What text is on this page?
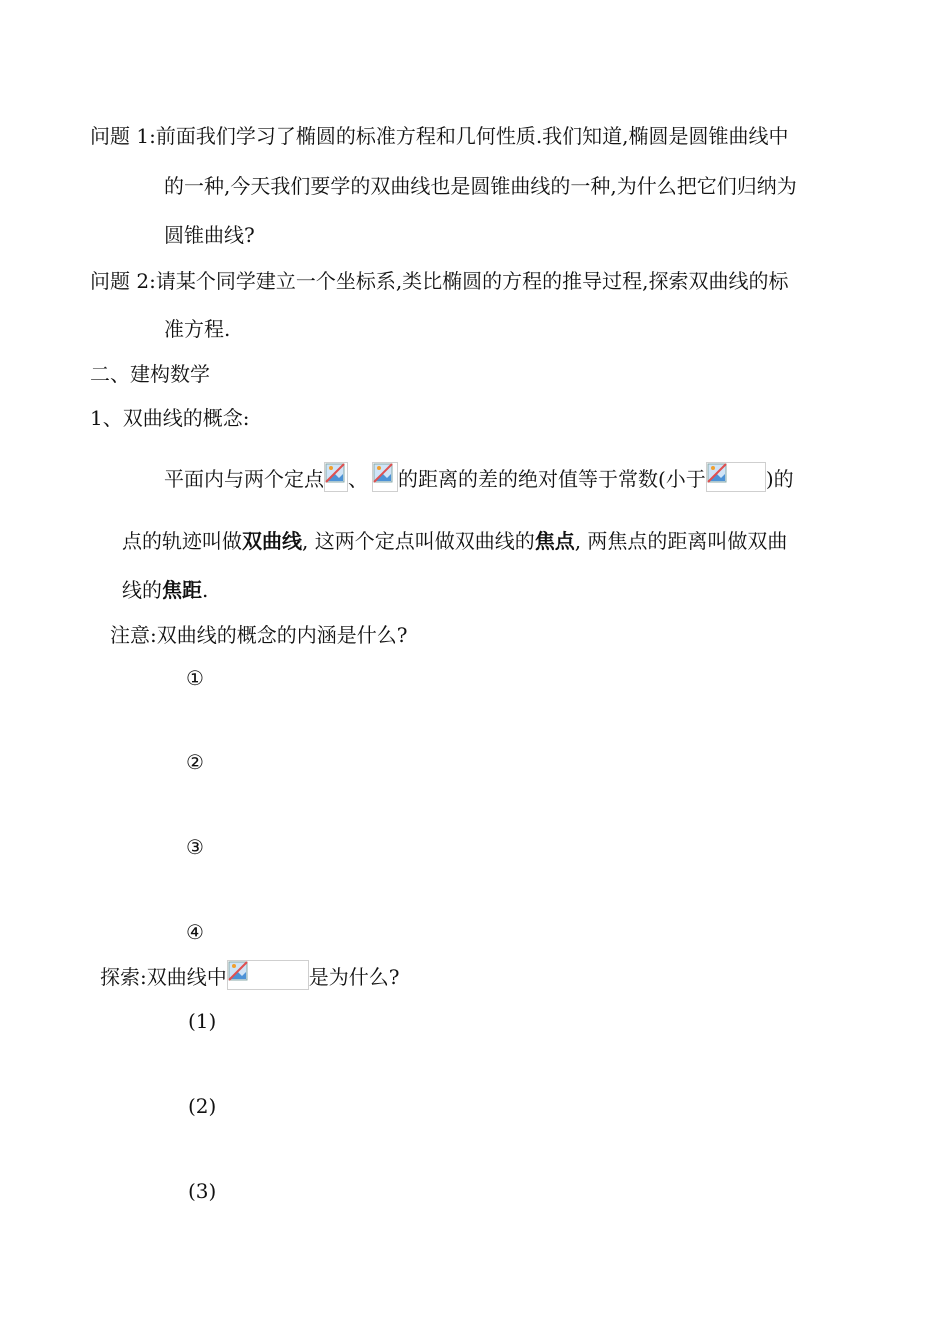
问题 1:前面我们学习了椭圆的标准方程和几何性质.我们知道,椭圆是圆锥曲线中
的一种,今天我们要学的双曲线也是圆锥曲线的一种,为什么把它们归纳为
圆锥曲线?
问题 2:请某个同学建立一个坐标系,类比椭圆的方程的推导过程,探索双曲线的标
准方程.
二、建构数学
1、双曲线的概念:
平面内与两个定点 、 的距离的差的绝对值等于常数(小于	)的
点的轨迹叫做双曲线, 这两个定点叫做双曲线的焦点, 两焦点的距离叫做双曲
线的焦距.
注意:双曲线的概念的内涵是什么?
①
②
③
④
探索:双曲线中	是为什么?
(1)
(2)
(3)
